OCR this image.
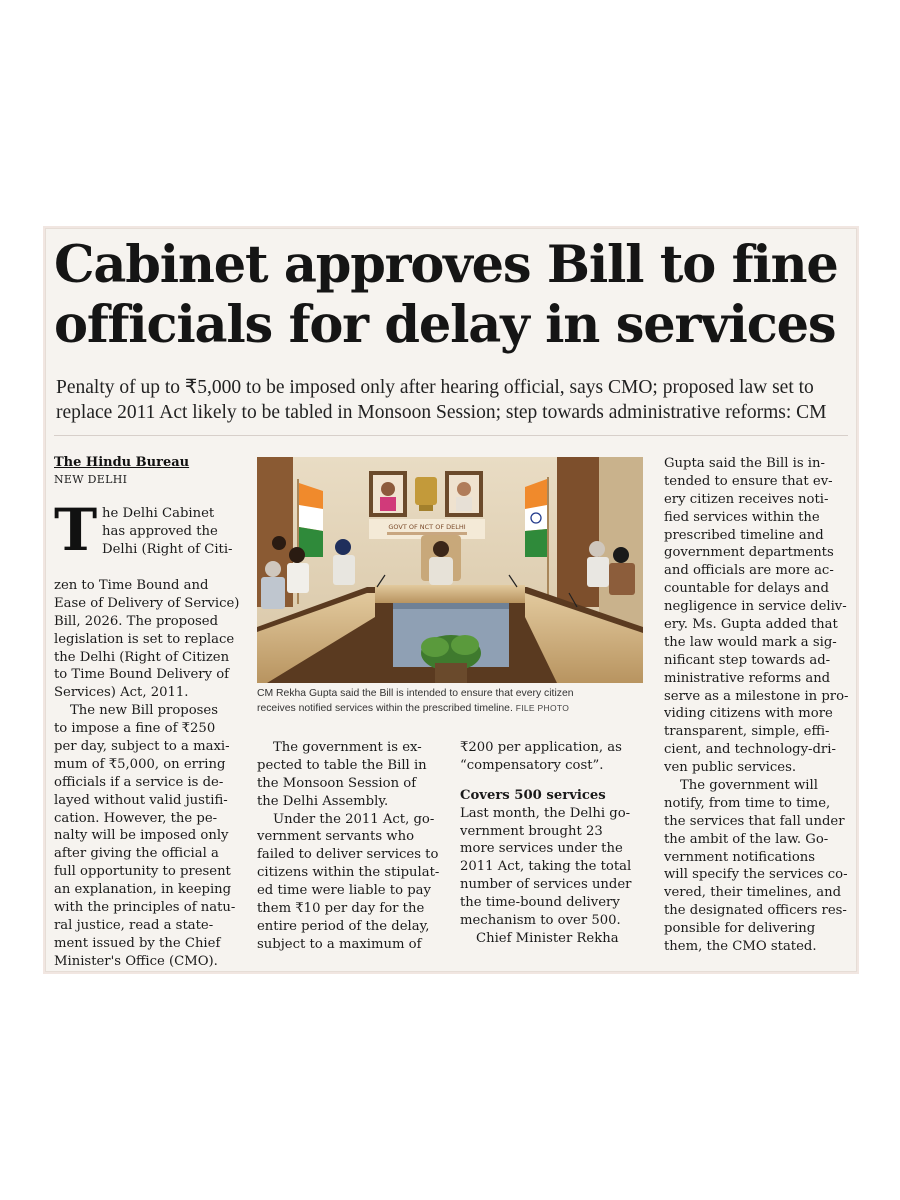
Cabinet approves Bill to fine
officials for delay in services
Penalty of up to ₹5,000 to be imposed only after hearing official, says CMO; proposed law set to
replace 2011 Act likely to be tabled in Monsoon Session; step towards administrative reforms: CM
The Hindu Bureau
NEW DELHI
T he Delhi Cabinet
has approved the
Delhi (Right of Citi-
zen to Time Bound and
Ease of Delivery of Service)
Bill, 2026. The proposed
legislation is set to replace
the Delhi (Right of Citizen
to Time Bound Delivery of
Services) Act, 2011.
The new Bill proposes
to impose a fine of ₹250
per day, subject to a maxi-
mum of ₹5,000, on erring
officials if a service is de-
layed without valid justifi-
cation. However, the pe-
nalty will be imposed only
after giving the official a
full opportunity to present
an explanation, in keeping
with the principles of natu-
ral justice, read a state-
ment issued by the Chief
Minister's Office (CMO).
GOVT OF NCT OF DELHI
CM Rekha Gupta said the Bill is intended to ensure that every citizen
receives notified services within the prescribed timeline. FILE PHOTO
The government is ex-
pected to table the Bill in
the Monsoon Session of
the Delhi Assembly.
Under the 2011 Act, go-
vernment servants who
failed to deliver services to
citizens within the stipulat-
ed time were liable to pay
them ₹10 per day for the
entire period of the delay,
subject to a maximum of
₹200 per application, as
“compensatory cost”.
Covers 500 services
Last month, the Delhi go-
vernment brought 23
more services under the
2011 Act, taking the total
number of services under
the time-bound delivery
mechanism to over 500.
Chief Minister Rekha
Gupta said the Bill is in-
tended to ensure that ev-
ery citizen receives noti-
fied services within the
prescribed timeline and
government departments
and officials are more ac-
countable for delays and
negligence in service deliv-
ery. Ms. Gupta added that
the law would mark a sig-
nificant step towards ad-
ministrative reforms and
serve as a milestone in pro-
viding citizens with more
transparent, simple, effi-
cient, and technology-dri-
ven public services.
The government will
notify, from time to time,
the services that fall under
the ambit of the law. Go-
vernment notifications
will specify the services co-
vered, their timelines, and
the designated officers res-
ponsible for delivering
them, the CMO stated.
